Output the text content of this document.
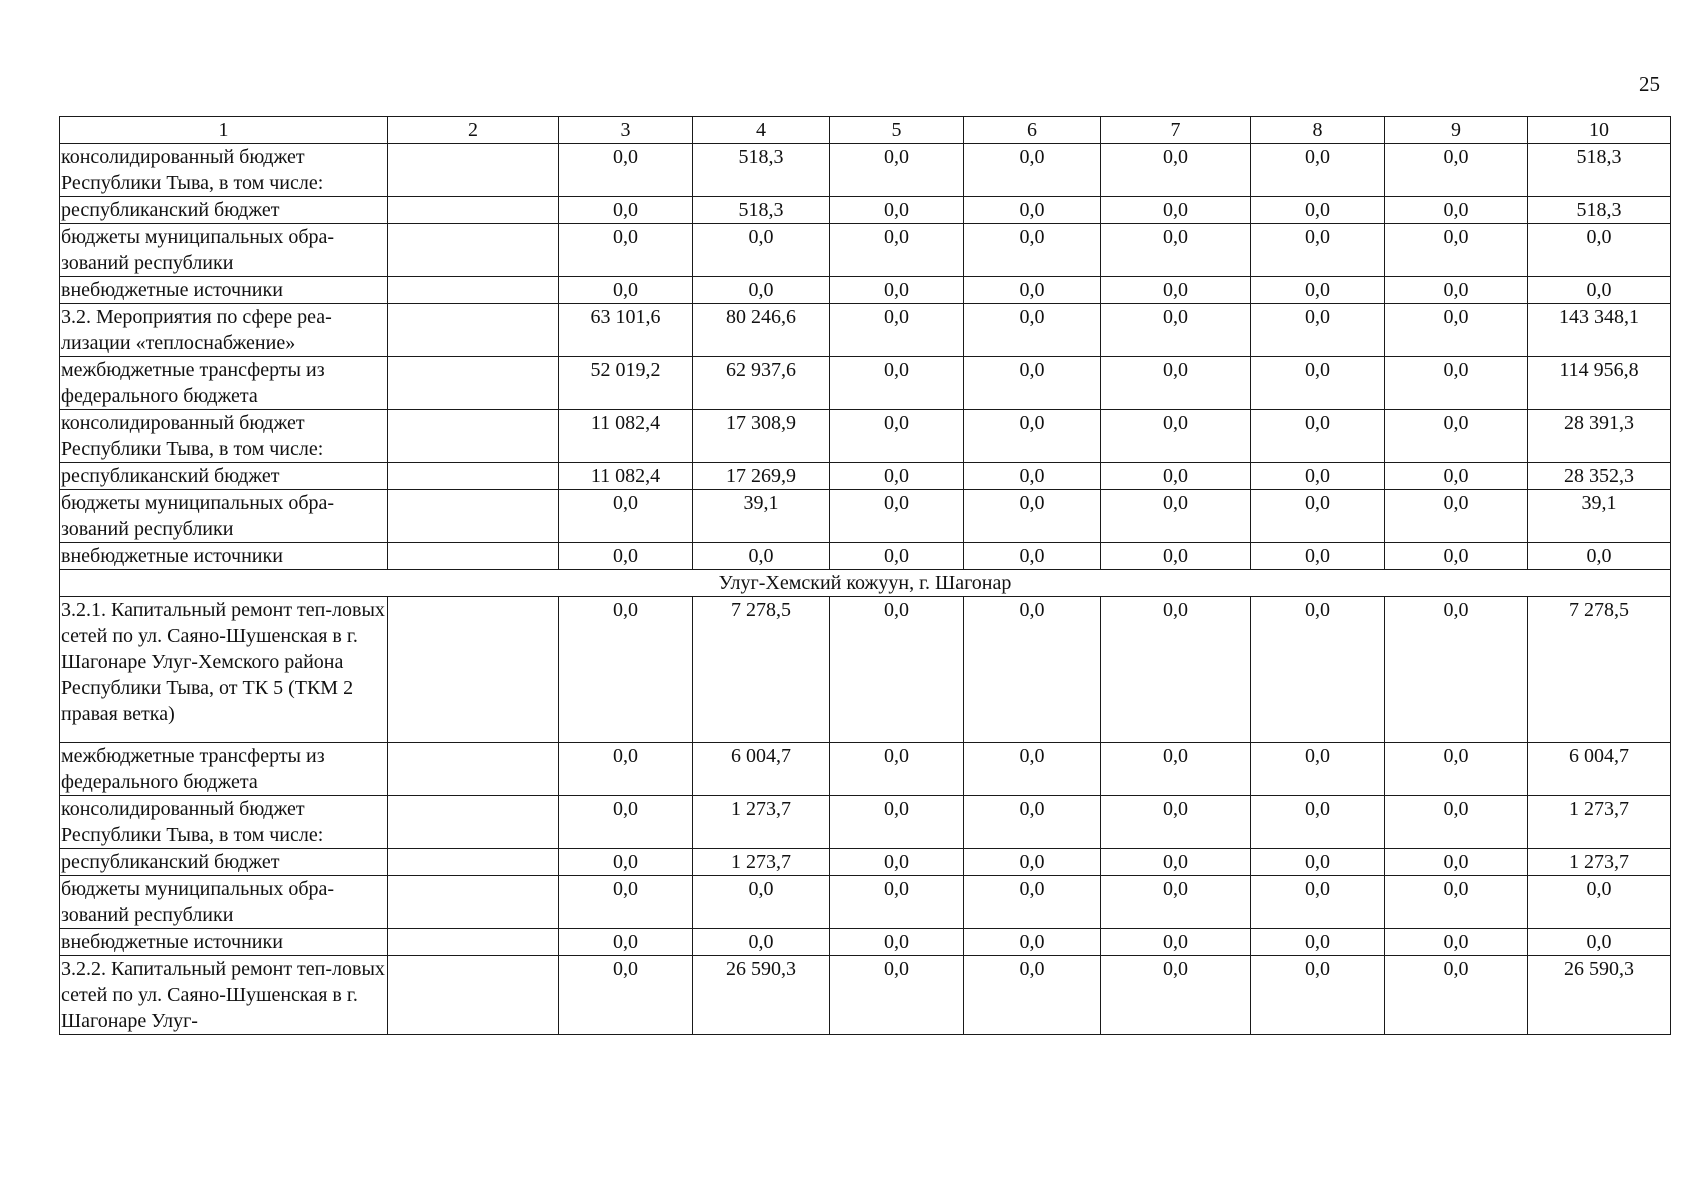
25
1	2	3	4	5	6	7	8	9	10
консолидированный бюджет Республики Тыва, в том числе:		0,0	518,3	0,0	0,0	0,0	0,0	0,0	518,3
республиканский бюджет		0,0	518,3	0,0	0,0	0,0	0,0	0,0	518,3
бюджеты муниципальных обра-зований республики		0,0	0,0	0,0	0,0	0,0	0,0	0,0	0,0
внебюджетные источники		0,0	0,0	0,0	0,0	0,0	0,0	0,0	0,0
3.2. Мероприятия по сфере реа-лизации «теплоснабжение»		63 101,6	80 246,6	0,0	0,0	0,0	0,0	0,0	143 348,1
межбюджетные трансферты из федерального бюджета		52 019,2	62 937,6	0,0	0,0	0,0	0,0	0,0	114 956,8
консолидированный бюджет Республики Тыва, в том числе:		11 082,4	17 308,9	0,0	0,0	0,0	0,0	0,0	28 391,3
республиканский бюджет		11 082,4	17 269,9	0,0	0,0	0,0	0,0	0,0	28 352,3
бюджеты муниципальных обра-зований республики		0,0	39,1	0,0	0,0	0,0	0,0	0,0	39,1
внебюджетные источники		0,0	0,0	0,0	0,0	0,0	0,0	0,0	0,0
Улуг-Хемский кожуун, г. Шагонар									
3.2.1. Капитальный ремонт теп-ловых сетей по ул. Саяно-Шушенская в г. Шагонаре Улуг-Хемского района Республики Тыва, от ТК 5 (ТКМ 2 правая ветка)		0,0	7 278,5	0,0	0,0	0,0	0,0	0,0	7 278,5
межбюджетные трансферты из федерального бюджета		0,0	6 004,7	0,0	0,0	0,0	0,0	0,0	6 004,7
консолидированный бюджет Республики Тыва, в том числе:		0,0	1 273,7	0,0	0,0	0,0	0,0	0,0	1 273,7
республиканский бюджет		0,0	1 273,7	0,0	0,0	0,0	0,0	0,0	1 273,7
бюджеты муниципальных обра-зований республики		0,0	0,0	0,0	0,0	0,0	0,0	0,0	0,0
внебюджетные источники		0,0	0,0	0,0	0,0	0,0	0,0	0,0	0,0
3.2.2. Капитальный ремонт теп-ловых сетей по ул. Саяно-Шушенская в г. Шагонаре Улуг-		0,0	26 590,3	0,0	0,0	0,0	0,0	0,0	26 590,3
